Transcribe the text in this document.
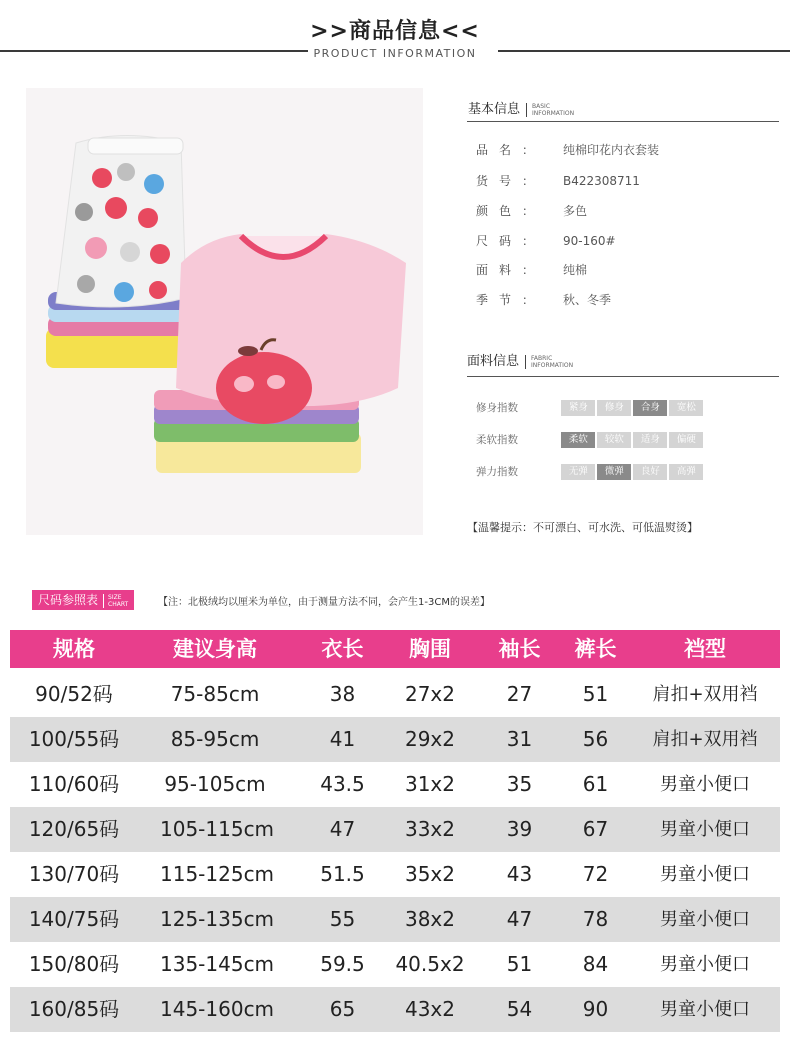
>>商品信息<<
PRODUCT INFORMATION
基本信息 BASIC
INFORMATION
品名： 纯棉印花内衣套装
货号： B422308711
颜色： 多色
尺码： 90-160#
面料： 纯棉
季节： 秋、冬季
面料信息 FABRIC
INFORMATION
修身指数	紧身 修身 合身 宽松
柔软指数	柔软 较软 适身 偏硬
弹力指数	无弹 微弹 良好 高弹
【温馨提示：不可漂白、可水洗、可低温熨烫】
尺码参照表 SIZE
CHART	【注：北极绒均以厘米为单位，由于测量方法不同，会产生1-3CM的误差】
规格	建议身高	衣长	胸围	袖长	裤长	裆型
90/52码	75-85cm	38	27x2	27	51	肩扣+双用裆
100/55码	85-95cm	41	29x2	31	56	肩扣+双用裆
110/60码	95-105cm	43.5	31x2	35	61	男童小便口
120/65码	105-115cm	47	33x2	39	67	男童小便口
130/70码	115-125cm	51.5	35x2	43	72	男童小便口
140/75码	125-135cm	55	38x2	47	78	男童小便口
150/80码	135-145cm	59.5	40.5x2	51	84	男童小便口
160/85码	145-160cm	65	43x2	54	90	男童小便口
